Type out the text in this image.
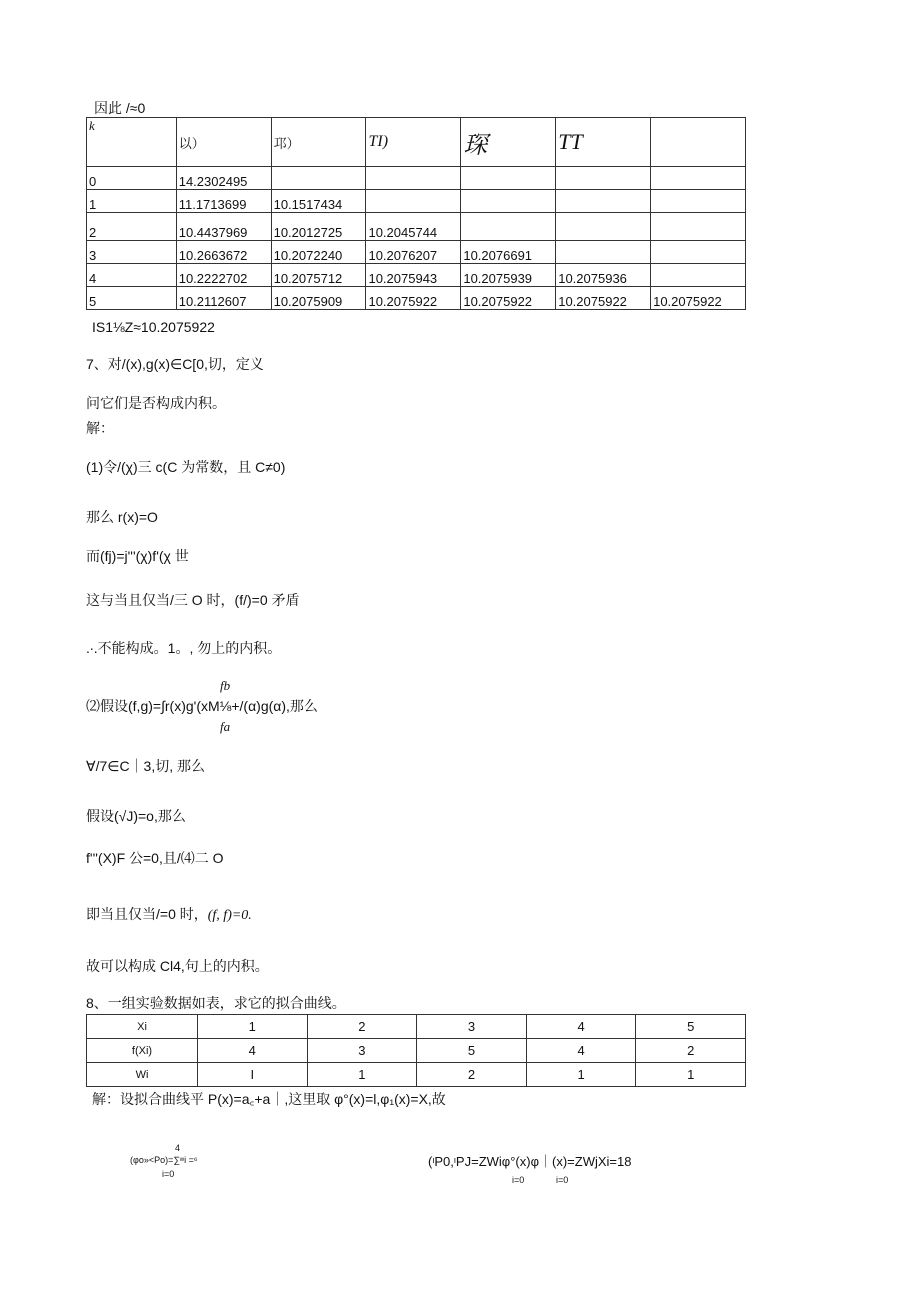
因此 /≈0
k	以）	邛）	TI)	琛	TT	
0	14.2302495					
1	11.1713699	10.1517434				
2	10.4437969	10.2012725	10.2045744			
3	10.2663672	10.2072240	10.2076207	10.2076691		
4	10.2222702	10.2075712	10.2075943	10.2075939	10.2075936	
5	10.2112607	10.2075909	10.2075922	10.2075922	10.2075922	10.2075922
IS1⅛Z≈10.2075922
7、对/(x),g(x)∈C[0,切，定义
问它们是否构成内积。
解：
(1)令/(χ)三 c(C 为常数，且 C≠0)
那么 r(x)=O
而(fj)=j'''(χ)f'(χ 世
这与当且仅当/三 O 时，(f/)=0 矛盾
.∙.不能构成。1。, 勿上的内积。
fb
⑵假设(f,g)=∫r(x)g'(xM⅛+/(α)g(α),那么
fa
∀/7∈C｜3,切, 那么
假设(√J)=o,那么
f'''(X)F 公=0,且/⑷二 O
即当且仅当/=0 时，(f, f)=0.
故可以构成 Cl4,句上的内积。
8、一组实验数据如表，求它的拟合曲线。
Xi	1	2	3	4	5
f(Xi)	4	3	5	4	2
Wi	I	1	2	1	1
解：设拟合曲线平 P(x)=a꜀+a｜,这里取 φ°(x)=l,φ₁(x)=X,故
4
(φo»<Po)=∑ʷi =⁶
i=0
(ᶦP0,ᶦPJ=ZWiφ°(x)φ｜(x)=ZWjXi=18
i=0	i=0
